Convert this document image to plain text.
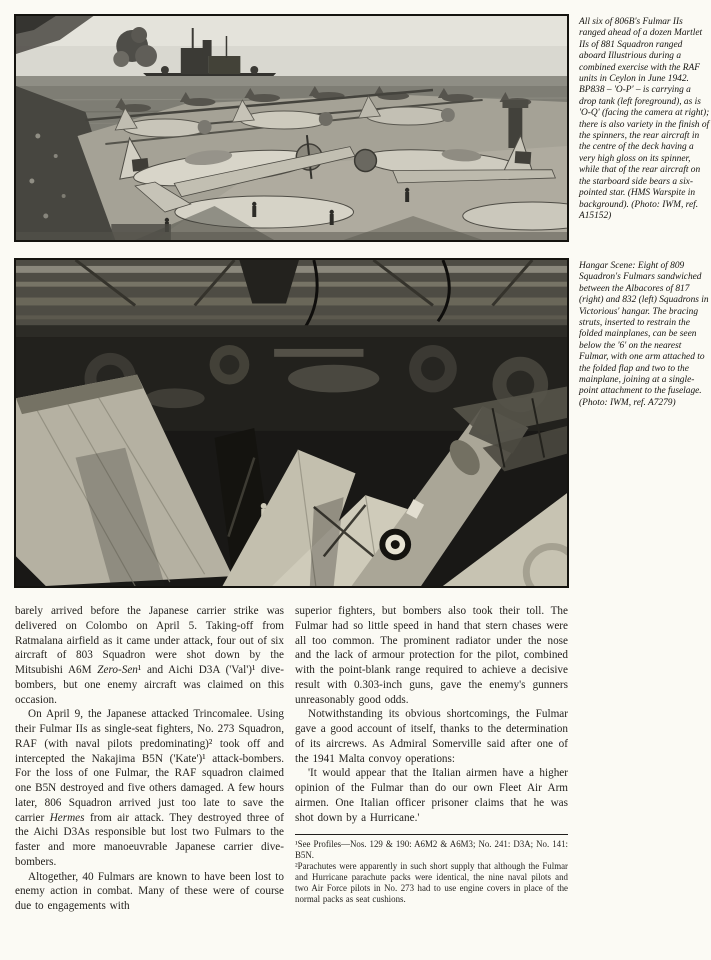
All six of 806B's Fulmar IIs ranged ahead of a dozen Martlet IIs of 881 Squadron ranged aboard Illustrious during a combined exercise with the RAF units in Ceylon in June 1942. BP838 – 'O-P' – is carrying a drop tank (left foreground), as is 'O-Q' (facing the camera at right); there is also variety in the finish of the spinners, the rear aircraft in the centre of the deck having a very high gloss on its spinner, while that of the rear aircraft on the starboard side bears a six-pointed star. (HMS Warspite in background). (Photo: IWM, ref. A15152)
Hangar Scene: Eight of 809 Squadron's Fulmars sandwiched between the Albacores of 817 (right) and 832 (left) Squadrons in Victorious' hangar. The bracing struts, inserted to restrain the folded mainplanes, can be seen below the '6' on the nearest Fulmar, with one arm attached to the folded flap and two to the mainplane, joining at a single-point attachment to the fuselage. (Photo: IWM, ref. A7279)

barely arrived before the Japanese carrier strike was delivered on Colombo on April 5. Taking-off from Ratmalana airfield as it came under attack, four out of six aircraft of 803 Squadron were shot down by the Mitsubishi A6M Zero-Sen¹ and Aichi D3A ('Val')¹ dive-bombers, but one enemy aircraft was claimed on this occasion.

On April 9, the Japanese attacked Trincomalee. Using their Fulmar IIs as single-seat fighters, No. 273 Squadron, RAF (with naval pilots predominating)² took off and intercepted the Nakajima B5N ('Kate')¹ attack-bombers. For the loss of one Fulmar, the RAF squadron claimed one B5N destroyed and five others damaged. A few hours later, 806 Squadron arrived just too late to save the carrier Hermes from air attack. They destroyed three of the Aichi D3As responsible but lost two Fulmars to the faster and more manoeuvrable Japanese carrier dive-bombers.

Altogether, 40 Fulmars are known to have been lost to enemy action in combat. Many of these were of course due to engagements with

superior fighters, but bombers also took their toll. The Fulmar had so little speed in hand that stern chases were all too common. The prominent radiator under the nose and the lack of armour protection for the pilot, combined with the point-blank range required to achieve a decisive result with 0.303-inch guns, gave the enemy's gunners unreasonably good odds.

Notwithstanding its obvious shortcomings, the Fulmar gave a good account of itself, thanks to the determination of its aircrews. As Admiral Somerville said after one of the 1941 Malta convoy operations:

'It would appear that the Italian airmen have a higher opinion of the Fulmar than do our own Fleet Air Arm airmen. One Italian officer prisoner claims that he was shot down by a Hurricane.'

¹See Profiles—Nos. 129 & 190: A6M2 & A6M3; No. 241: D3A; No. 141: B5N.

²Parachutes were apparently in such short supply that although the Fulmar and Hurricane parachute packs were identical, the nine naval pilots and two Air Force pilots in No. 273 had to use engine covers in place of the normal packs as seat cushions.
